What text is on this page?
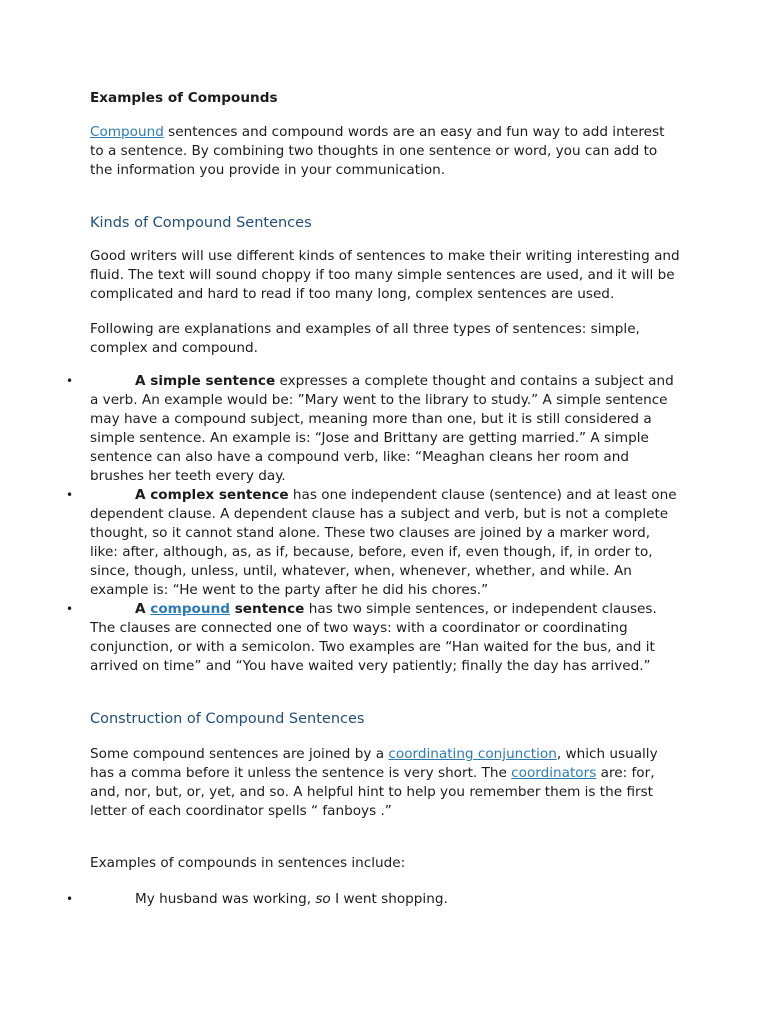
Examples of Compounds

Compound sentences and compound words are an easy and fun way to add interest to a sentence. By combining two thoughts in one sentence or word, you can add to the information you provide in your communication.

Kinds of Compound Sentences

Good writers will use different kinds of sentences to make their writing interesting and fluid. The text will sound choppy if too many simple sentences are used, and it will be complicated and hard to read if too many long, complex sentences are used.

Following are explanations and examples of all three types of sentences: simple, complex and compound.

•	A simple sentence expresses a complete thought and contains a subject and a verb. An example would be: ”Mary went to the library to study.” A simple sentence may have a compound subject, meaning more than one, but it is still considered a simple sentence. An example is: “Jose and Brittany are getting married.” A simple sentence can also have a compound verb, like: “Meaghan cleans her room and brushes her teeth every day.
•	A complex sentence has one independent clause (sentence) and at least one dependent clause. A dependent clause has a subject and verb, but is not a complete thought, so it cannot stand alone. These two clauses are joined by a marker word, like: after, although, as, as if, because, before, even if, even though, if, in order to, since, though, unless, until, whatever, when, whenever, whether, and while. An example is: “He went to the party after he did his chores.”
•	A compound sentence has two simple sentences, or independent clauses. The clauses are connected one of two ways: with a coordinator or coordinating conjunction, or with a semicolon. Two examples are “Han waited for the bus, and it arrived on time” and “You have waited very patiently; finally the day has arrived.”

Construction of Compound Sentences

Some compound sentences are joined by a coordinating conjunction, which usually has a comma before it unless the sentence is very short. The coordinators are: for, and, nor, but, or, yet, and so. A helpful hint to help you remember them is the first letter of each coordinator spells “ fanboys .”

Examples of compounds in sentences include:

•	My husband was working, so I went shopping.
